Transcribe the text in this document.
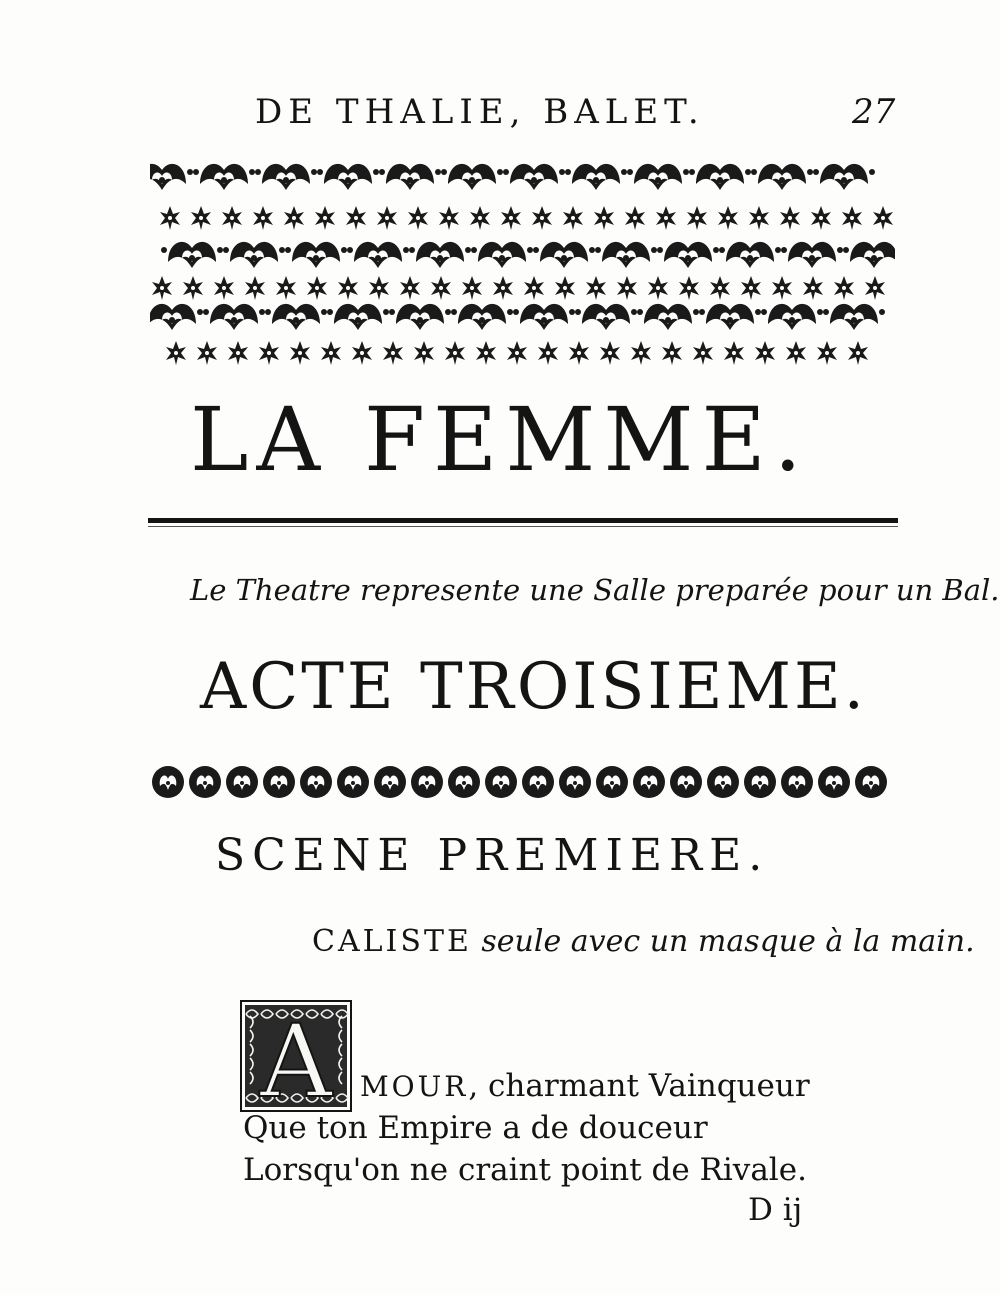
DE THALIE, BALET.	27
LA FEMME.
Le Theatre represente une Salle preparée pour un Bal.
ACTE TROISIEME.
SCENE PREMIERE.
CALISTE seule avec un masque à la main.
A MOUR, charmant Vainqueur
Que ton Empire a de douceur
Lorsqu'on ne craint point de Rivale.
D ij
